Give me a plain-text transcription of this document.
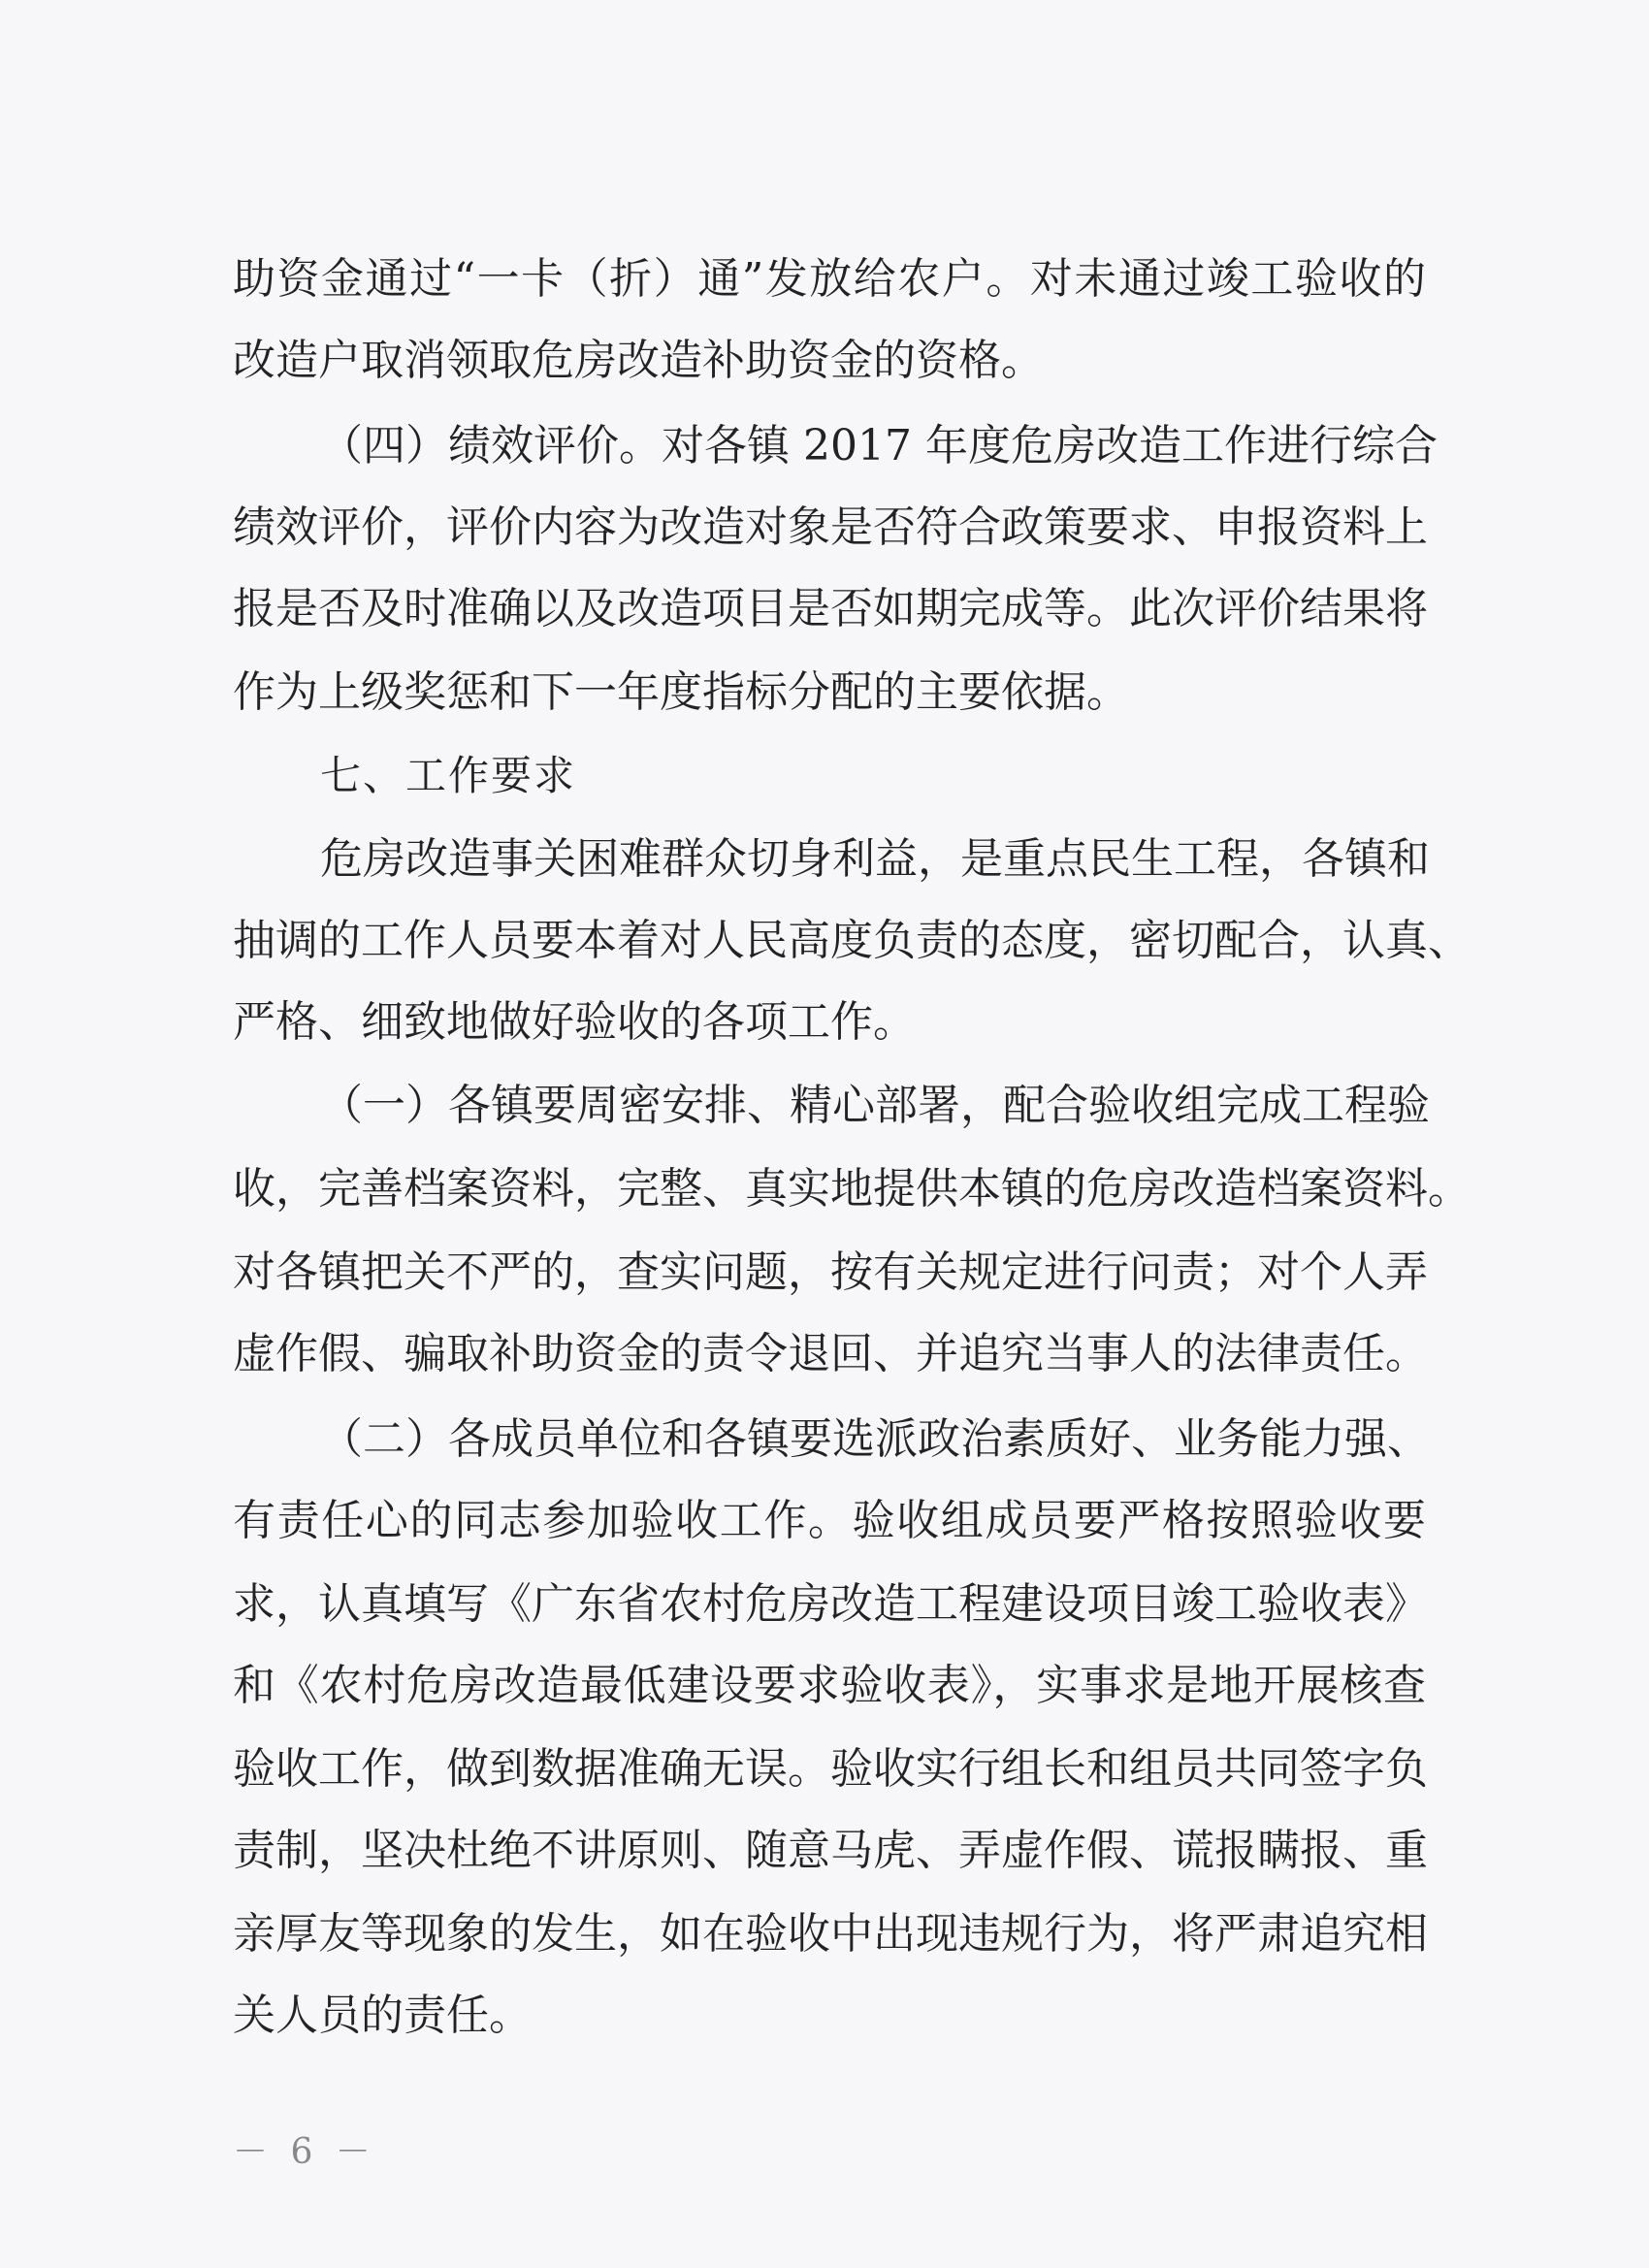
助资金通过“一卡（折）通”发放给农户。对未通过竣工验收的
改造户取消领取危房改造补助资金的资格。
（四）绩效评价。对各镇 2017 年度危房改造工作进行综合
绩效评价，评价内容为改造对象是否符合政策要求、申报资料上
报是否及时准确以及改造项目是否如期完成等。此次评价结果将
作为上级奖惩和下一年度指标分配的主要依据。
七、工作要求
危房改造事关困难群众切身利益，是重点民生工程，各镇和
抽调的工作人员要本着对人民高度负责的态度，密切配合，认真、
严格、细致地做好验收的各项工作。
（一）各镇要周密安排、精心部署，配合验收组完成工程验
收，完善档案资料，完整、真实地提供本镇的危房改造档案资料。
对各镇把关不严的，查实问题，按有关规定进行问责；对个人弄
虚作假、骗取补助资金的责令退回、并追究当事人的法律责任。
（二）各成员单位和各镇要选派政治素质好、业务能力强、
有责任心的同志参加验收工作。验收组成员要严格按照验收要
求，认真填写《广东省农村危房改造工程建设项目竣工验收表》
和《农村危房改造最低建设要求验收表》，实事求是地开展核查
验收工作，做到数据准确无误。验收实行组长和组员共同签字负
责制，坚决杜绝不讲原则、随意马虎、弄虚作假、谎报瞒报、重
亲厚友等现象的发生，如在验收中出现违规行为，将严肃追究相
关人员的责任。
－ 6 －
